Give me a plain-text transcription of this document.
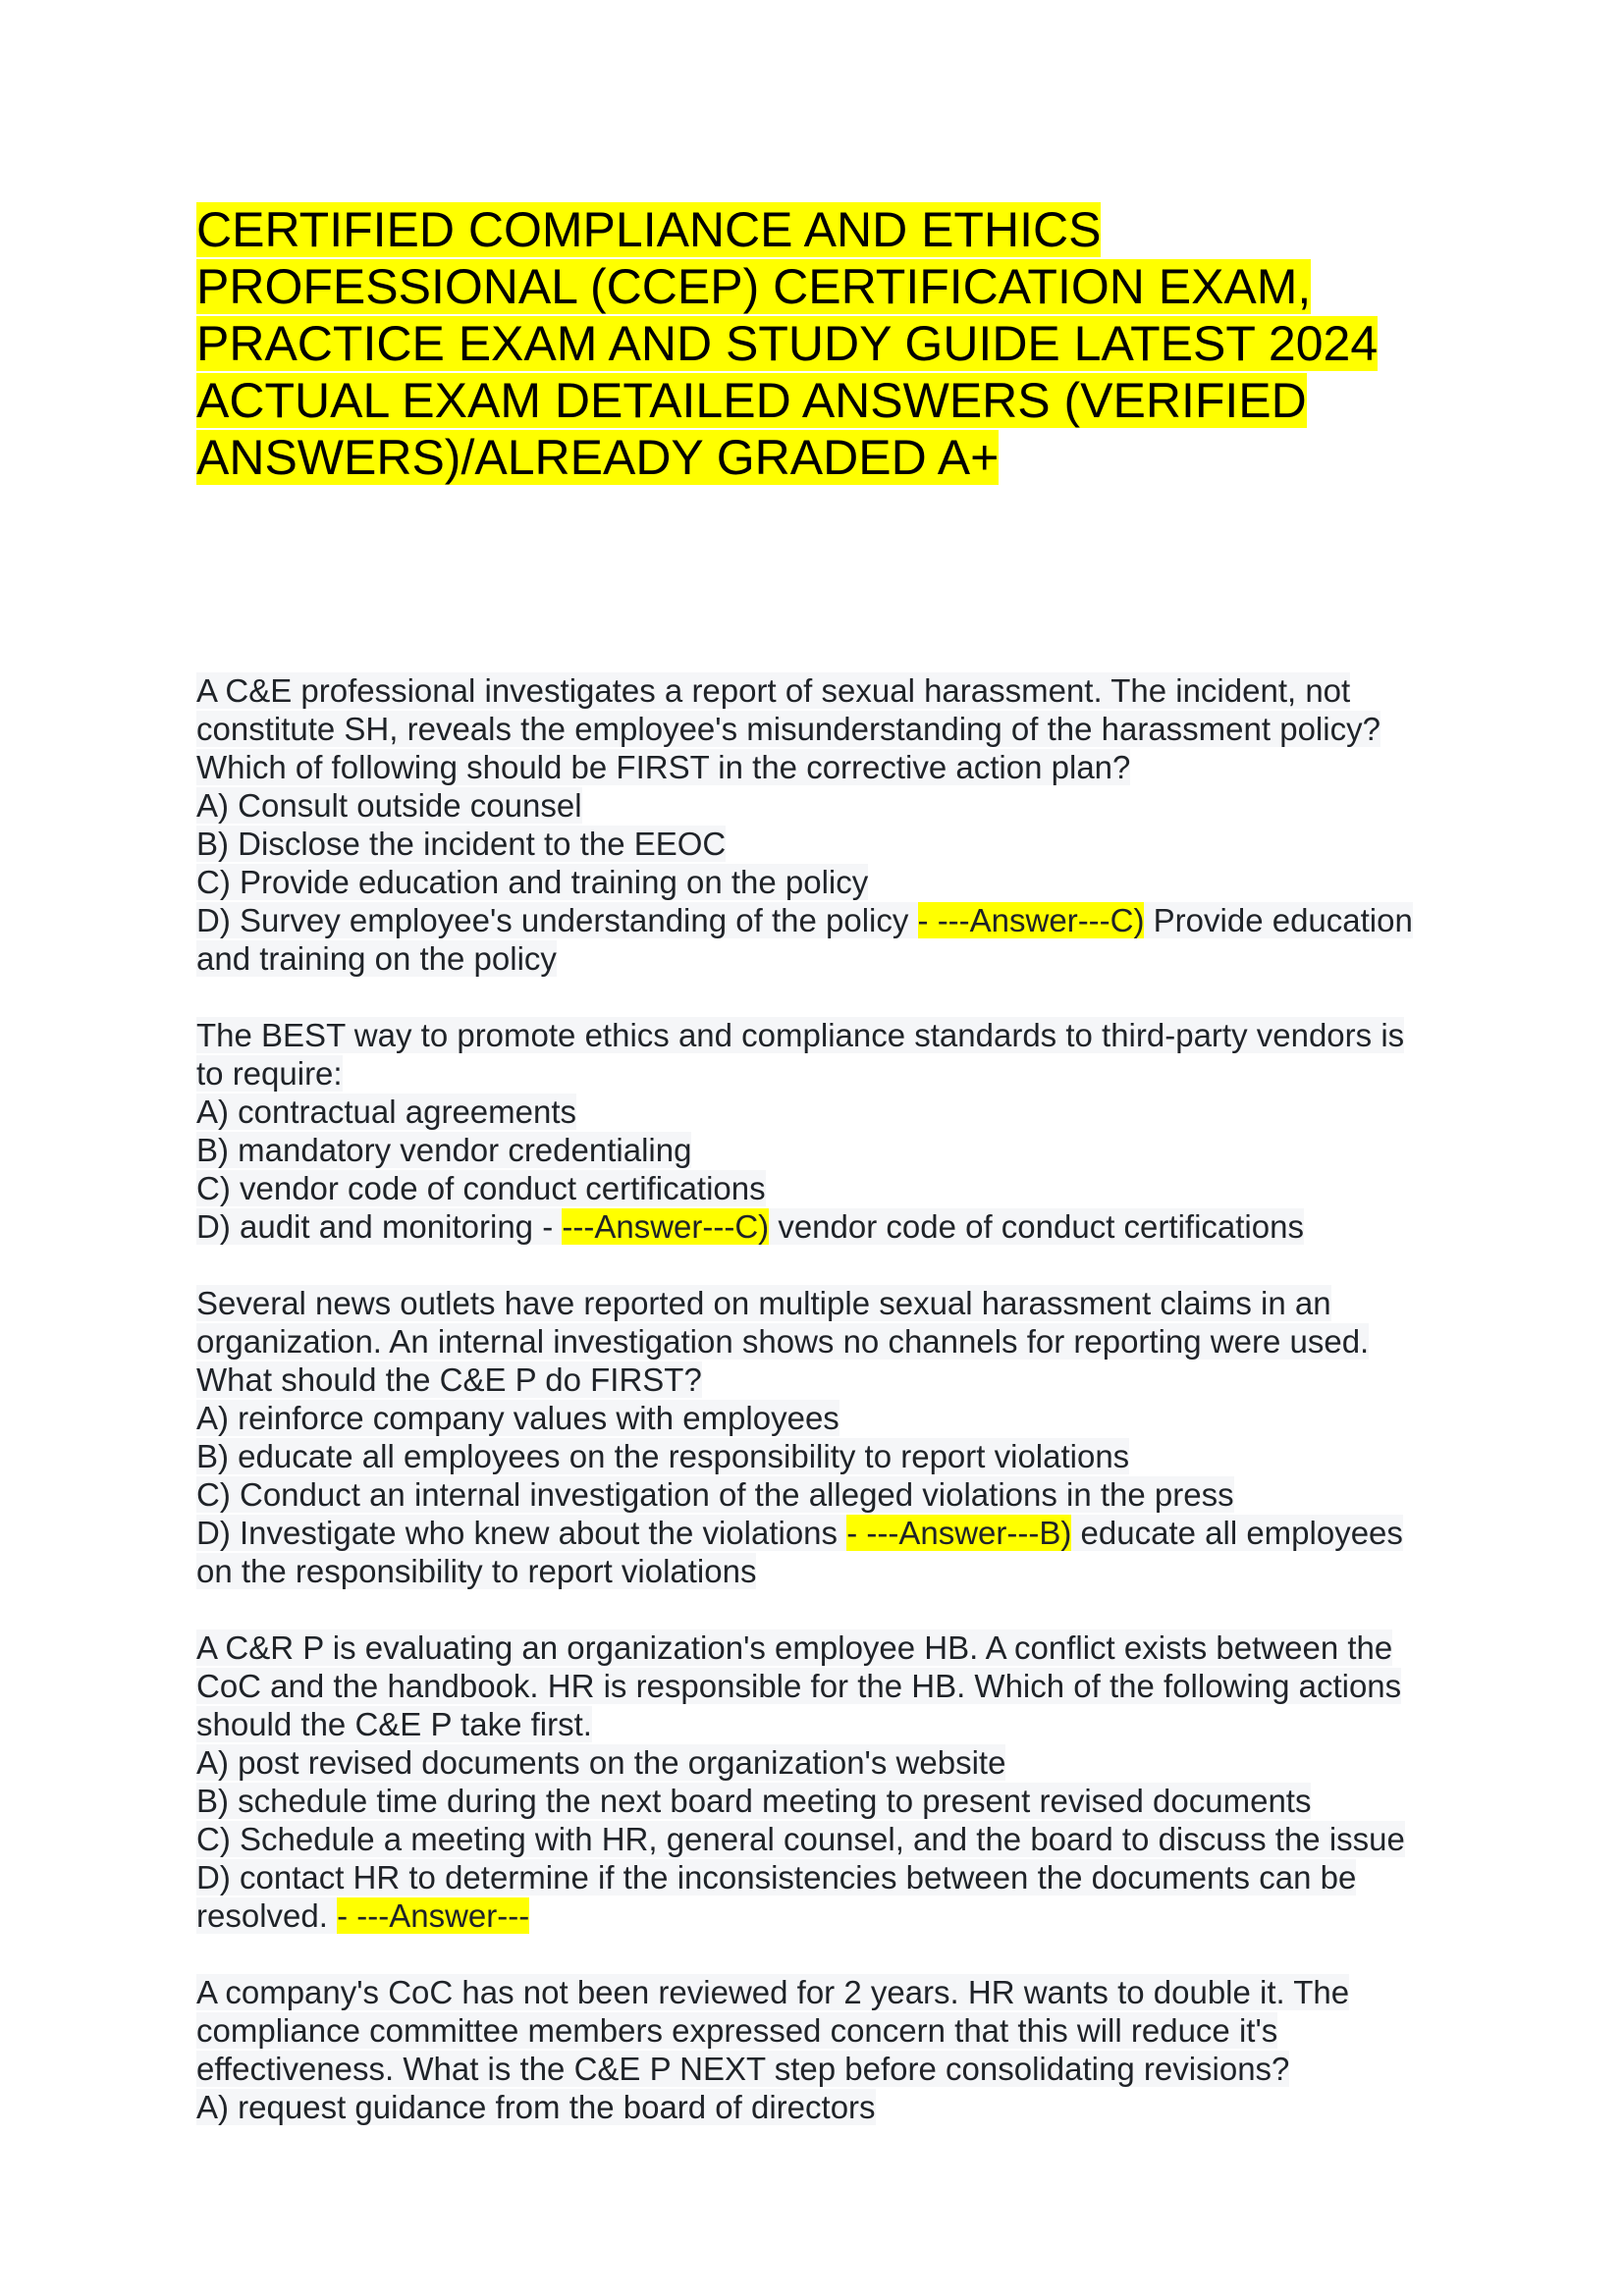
CERTIFIED COMPLIANCE AND ETHICS
PROFESSIONAL (CCEP) CERTIFICATION EXAM,
PRACTICE EXAM AND STUDY GUIDE LATEST 2024
ACTUAL EXAM DETAILED ANSWERS (VERIFIED
ANSWERS)/ALREADY GRADED A+
A C&E professional investigates a report of sexual harassment. The incident, not
constitute SH, reveals the employee's misunderstanding of the harassment policy?
Which of following should be FIRST in the corrective action plan?
A) Consult outside counsel
B) Disclose the incident to the EEOC
C) Provide education and training on the policy
D) Survey employee's understanding of the policy - ---Answer---C) Provide education
and training on the policy
The BEST way to promote ethics and compliance standards to third-party vendors is
to require:
A) contractual agreements
B) mandatory vendor credentialing
C) vendor code of conduct certifications
D) audit and monitoring - ---Answer---C) vendor code of conduct certifications
Several news outlets have reported on multiple sexual harassment claims in an
organization. An internal investigation shows no channels for reporting were used.
What should the C&E P do FIRST?
A) reinforce company values with employees
B) educate all employees on the responsibility to report violations
C) Conduct an internal investigation of the alleged violations in the press
D) Investigate who knew about the violations - ---Answer---B) educate all employees
on the responsibility to report violations
A C&R P is evaluating an organization's employee HB. A conflict exists between the
CoC and the handbook. HR is responsible for the HB. Which of the following actions
should the C&E P take first.
A) post revised documents on the organization's website
B) schedule time during the next board meeting to present revised documents
C) Schedule a meeting with HR, general counsel, and the board to discuss the issue
D) contact HR to determine if the inconsistencies between the documents can be
resolved. - ---Answer---
A company's CoC has not been reviewed for 2 years. HR wants to double it. The
compliance committee members expressed concern that this will reduce it's
effectiveness. What is the C&E P NEXT step before consolidating revisions?
A) request guidance from the board of directors
